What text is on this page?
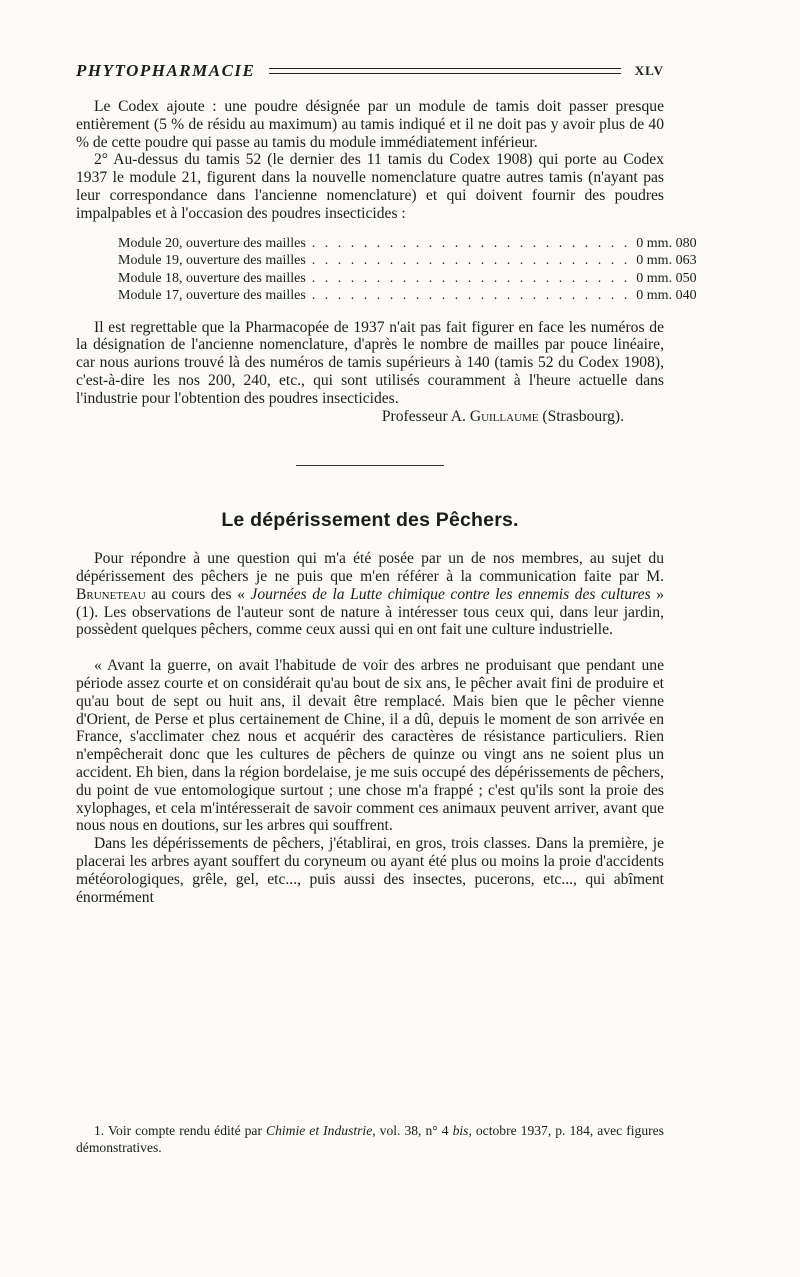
PHYTOPHARMACIE	XLV

Le Codex ajoute : une poudre désignée par un module de tamis doit passer presque entièrement (5 % de résidu au maximum) au tamis indiqué et il ne doit pas y avoir plus de 40 % de cette poudre qui passe au tamis du module immédiatement inférieur.

2° Au-dessus du tamis 52 (le dernier des 11 tamis du Codex 1908) qui porte au Codex 1937 le module 21, figurent dans la nouvelle nomenclature quatre autres tamis (n'ayant pas leur correspondance dans l'ancienne nomenclature) et qui doivent fournir des poudres impalpables et à l'occasion des poudres insecticides :

Module 20, ouverture des mailles . . . . . . . . . . . . . . . . . . . . . . . . . 0 mm. 080
Module 19, ouverture des mailles . . . . . . . . . . . . . . . . . . . . . . . . . 0 mm. 063
Module 18, ouverture des mailles . . . . . . . . . . . . . . . . . . . . . . . . . 0 mm. 050
Module 17, ouverture des mailles . . . . . . . . . . . . . . . . . . . . . . . . . 0 mm. 040

Il est regrettable que la Pharmacopée de 1937 n'ait pas fait figurer en face les numéros de la désignation de l'ancienne nomenclature, d'après le nombre de mailles par pouce linéaire, car nous aurions trouvé là des numéros de tamis supérieurs à 140 (tamis 52 du Codex 1908), c'est-à-dire les nos 200, 240, etc., qui sont utilisés couramment à l'heure actuelle dans l'industrie pour l'obtention des poudres insecticides.

Professeur A. Guillaume (Strasbourg).
Le dépérissement des Pêchers.

Pour répondre à une question qui m'a été posée par un de nos membres, au sujet du dépérissement des pêchers je ne puis que m'en référer à la communication faite par M. Bruneteau au cours des « Journées de la Lutte chimique contre les ennemis des cultures » (1). Les observations de l'auteur sont de nature à intéresser tous ceux qui, dans leur jardin, possèdent quelques pêchers, comme ceux aussi qui en ont fait une culture industrielle.

« Avant la guerre, on avait l'habitude de voir des arbres ne produisant que pendant une période assez courte et on considérait qu'au bout de six ans, le pêcher avait fini de produire et qu'au bout de sept ou huit ans, il devait être remplacé. Mais bien que le pêcher vienne d'Orient, de Perse et plus certainement de Chine, il a dû, depuis le moment de son arrivée en France, s'acclimater chez nous et acquérir des caractères de résistance particuliers. Rien n'empêcherait donc que les cultures de pêchers de quinze ou vingt ans ne soient plus un accident. Eh bien, dans la région bordelaise, je me suis occupé des dépérissements de pêchers, du point de vue entomologique surtout ; une chose m'a frappé ; c'est qu'ils sont la proie des xylophages, et cela m'intéresserait de savoir comment ces animaux peuvent arriver, avant que nous nous en doutions, sur les arbres qui souffrent.

Dans les dépérissements de pêchers, j'établirai, en gros, trois classes. Dans la première, je placerai les arbres ayant souffert du coryneum ou ayant été plus ou moins la proie d'accidents météorologiques, grêle, gel, etc..., puis aussi des insectes, pucerons, etc..., qui abîment énormément

1. Voir compte rendu édité par Chimie et Industrie, vol. 38, n° 4 bis, octobre 1937, p. 184, avec figures démonstratives.
